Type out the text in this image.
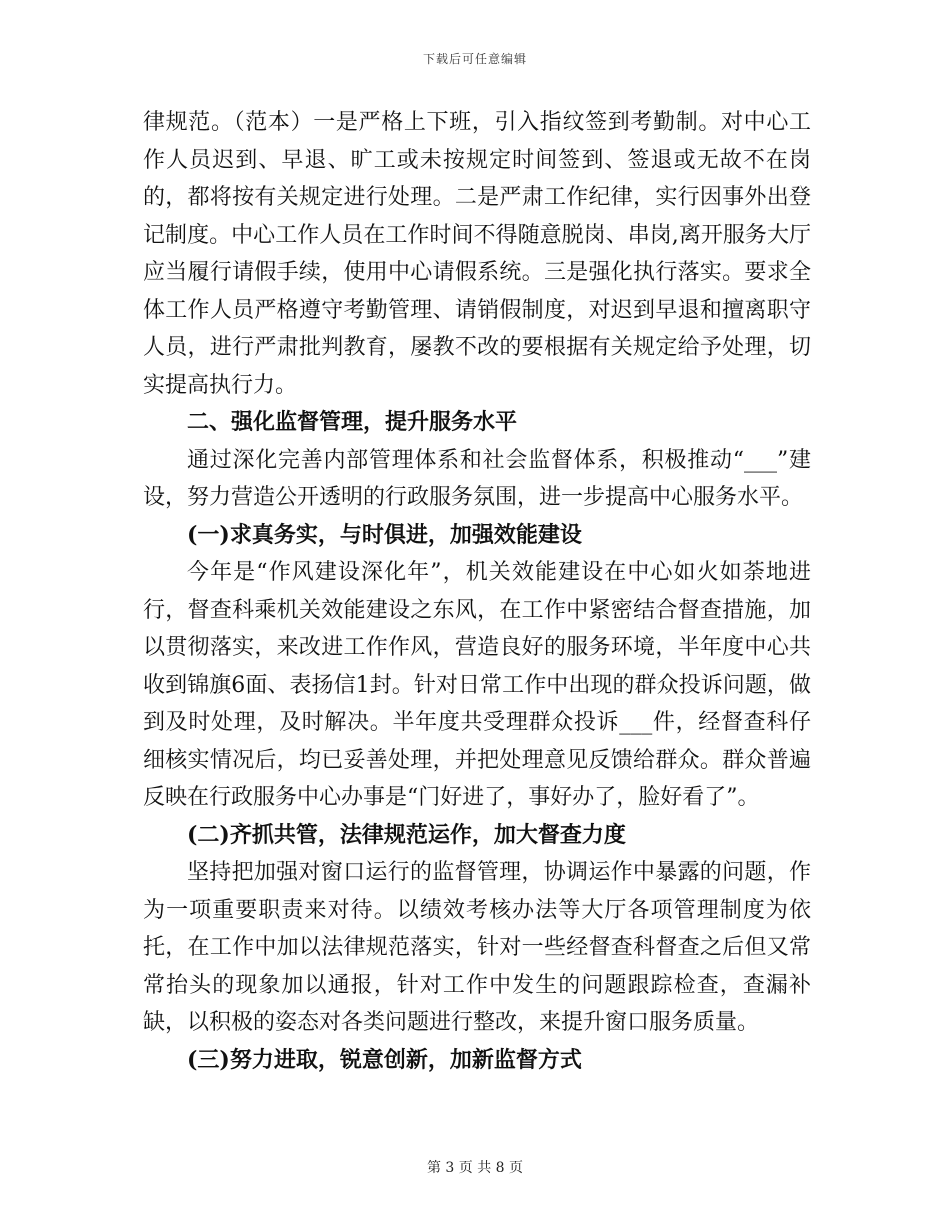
下载后可任意编辑

律规范。（范本）一是严格上下班，引入指纹签到考勤制。对中心工作人员迟到、早退、旷工或未按规定时间签到、签退或无故不在岗的，都将按有关规定进行处理。二是严肃工作纪律，实行因事外出登记制度。中心工作人员在工作时间不得随意脱岗、串岗,离开服务大厅应当履行请假手续，使用中心请假系统。三是强化执行落实。要求全体工作人员严格遵守考勤管理、请销假制度，对迟到早退和擅离职守人员，进行严肃批判教育，屡教不改的要根据有关规定给予处理，切实提高执行力。

二、强化监督管理，提升服务水平

通过深化完善内部管理体系和社会监督体系，积极推动“___”建设，努力营造公开透明的行政服务氛围，进一步提高中心服务水平。

(一)求真务实，与时俱进，加强效能建设

今年是“作风建设深化年”，机关效能建设在中心如火如荼地进行，督查科乘机关效能建设之东风，在工作中紧密结合督查措施，加以贯彻落实，来改进工作作风，营造良好的服务环境，半年度中心共收到锦旗6面、表扬信1封。针对日常工作中出现的群众投诉问题，做到及时处理，及时解决。半年度共受理群众投诉___件，经督查科仔细核实情况后，均已妥善处理，并把处理意见反馈给群众。群众普遍反映在行政服务中心办事是“门好进了，事好办了，脸好看了”。

(二)齐抓共管，法律规范运作，加大督查力度

坚持把加强对窗口运行的监督管理，协调运作中暴露的问题，作为一项重要职责来对待。以绩效考核办法等大厅各项管理制度为依托，在工作中加以法律规范落实，针对一些经督查科督查之后但又常常抬头的现象加以通报，针对工作中发生的问题跟踪检查，查漏补缺，以积极的姿态对各类问题进行整改，来提升窗口服务质量。

(三)努力进取，锐意创新，加新监督方式

第 3 页 共 8 页
